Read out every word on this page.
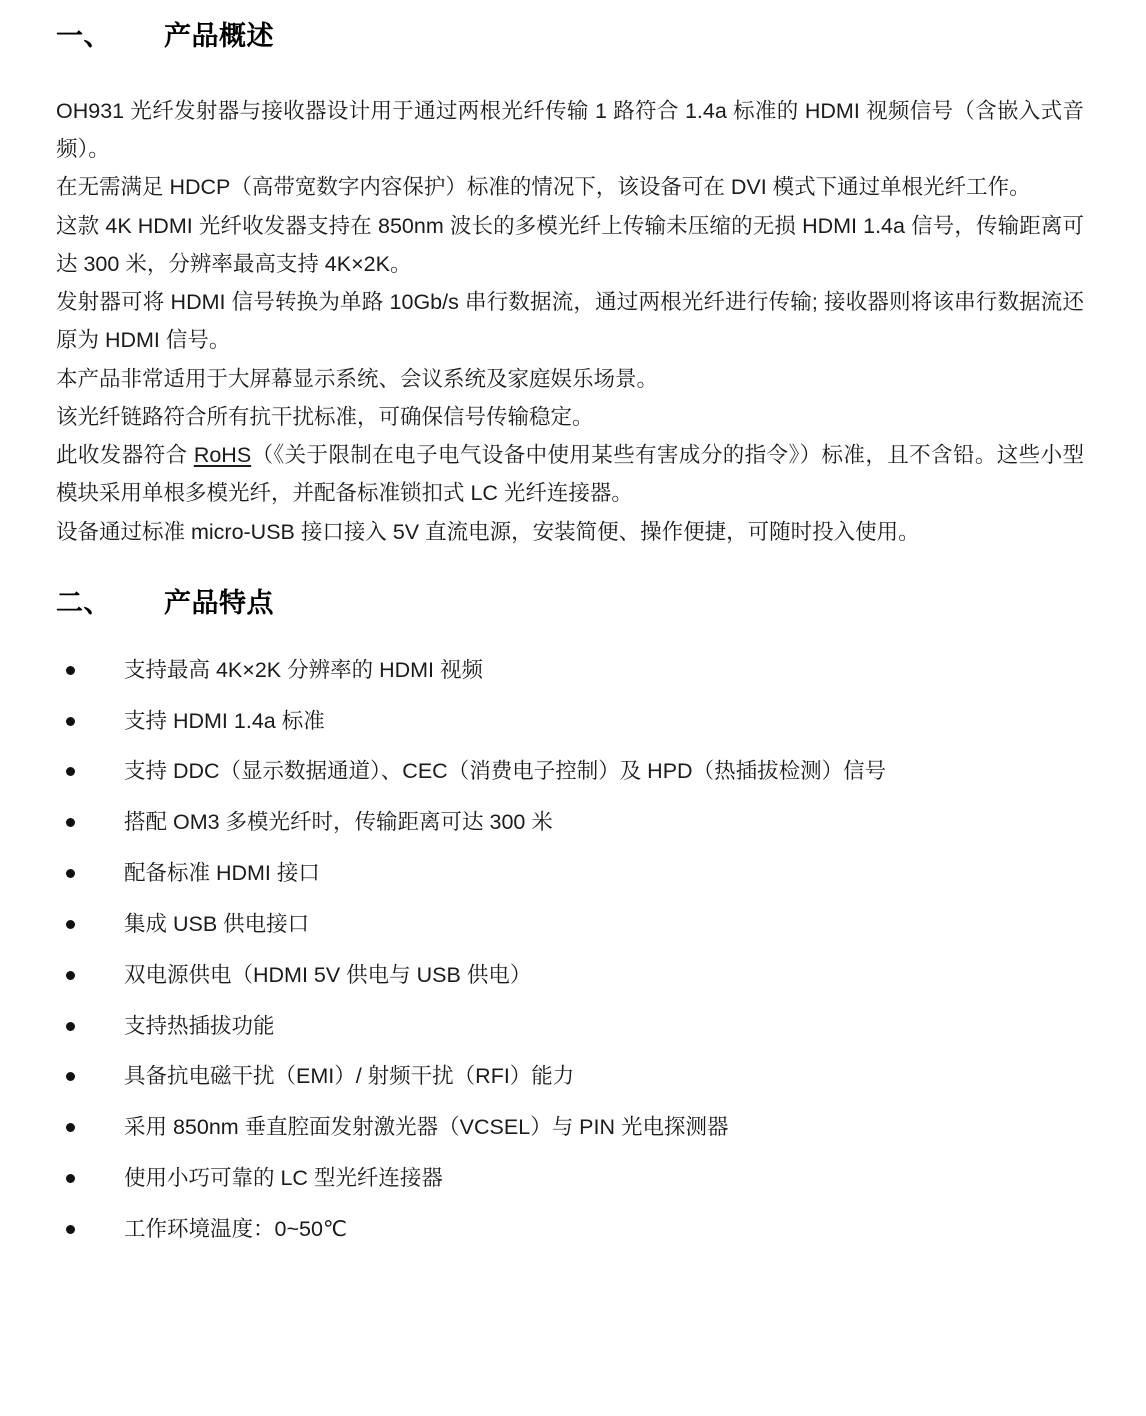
一、	产品概述

OH931 光纤发射器与接收器设计用于通过两根光纤传输 1 路符合 1.4a 标准的 HDMI 视频信号（含嵌入式音频）。

在无需满足 HDCP（高带宽数字内容保护）标准的情况下，该设备可在 DVI 模式下通过单根光纤工作。

这款 4K HDMI 光纤收发器支持在 850nm 波长的多模光纤上传输未压缩的无损 HDMI 1.4a 信号，传输距离可达 300 米，分辨率最高支持 4K×2K。

发射器可将 HDMI 信号转换为单路 10Gb/s 串行数据流，通过两根光纤进行传输; 接收器则将该串行数据流还原为 HDMI 信号。

本产品非常适用于大屏幕显示系统、会议系统及家庭娱乐场景。

该光纤链路符合所有抗干扰标准，可确保信号传输稳定。

此收发器符合 RoHS（《关于限制在电子电气设备中使用某些有害成分的指令》）标准，且不含铅。这些小型模块采用单根多模光纤，并配备标准锁扣式 LC 光纤连接器。

设备通过标准 micro-USB 接口接入 5V 直流电源，安装简便、操作便捷，可随时投入使用。

二、	产品特点
支持最高 4K×2K 分辨率的 HDMI 视频
支持 HDMI 1.4a 标准
支持 DDC（显示数据通道）、CEC（消费电子控制）及 HPD（热插拔检测）信号
搭配 OM3 多模光纤时，传输距离可达 300 米
配备标准 HDMI 接口
集成 USB 供电接口
双电源供电（HDMI 5V 供电与 USB 供电）
支持热插拔功能
具备抗电磁干扰（EMI）/ 射频干扰（RFI）能力
采用 850nm 垂直腔面发射激光器（VCSEL）与 PIN 光电探测器
使用小巧可靠的 LC 型光纤连接器
工作环境温度：0~50℃
